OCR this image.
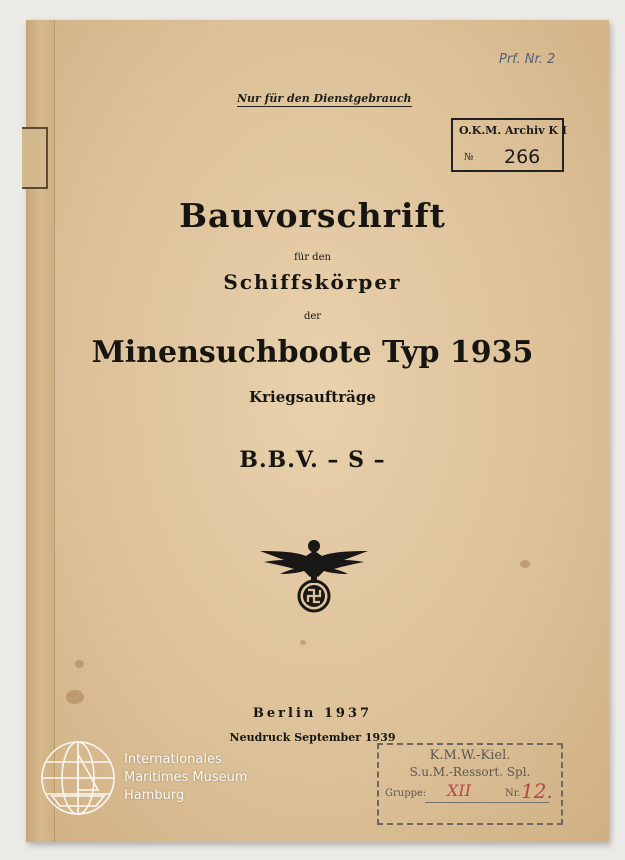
Prf. Nr. 2
Nur für den Dienstgebrauch
O.K.M. Archiv K I
№ 266
Bauvorschrift
für den
Schiffskörper
der
Minensuchboote Typ 1935
Kriegsaufträge
B.B.V. – S –
Berlin 1937
Neudruck September 1939
K.M.W.-Kiel.
S.u.M.-Ressort. Spl.
Gruppe: XII	Nr. 12.
Internationales
Maritimes Museum
Hamburg
